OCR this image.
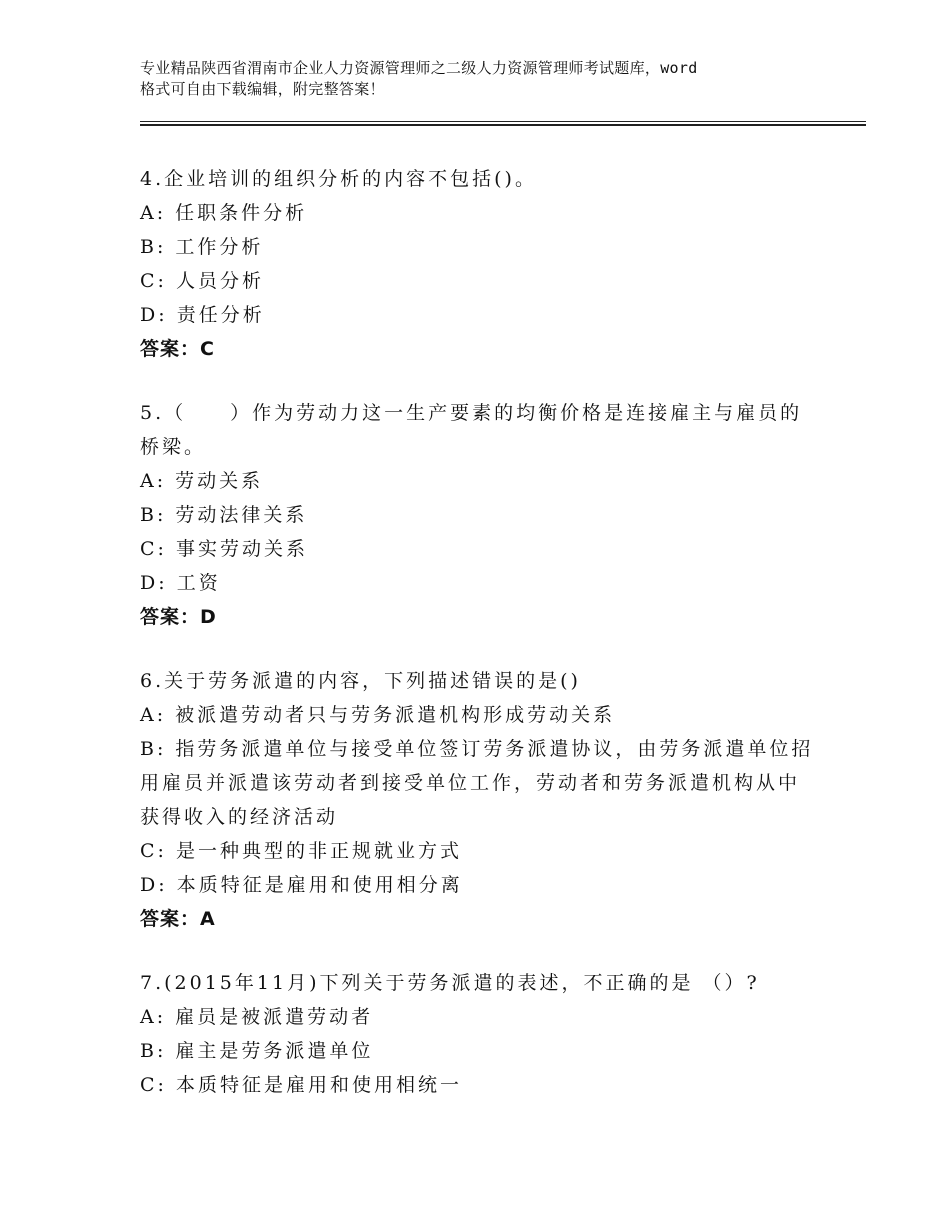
专业精品陕西省渭南市企业人力资源管理师之二级人力资源管理师考试题库，word
格式可自由下载编辑，附完整答案！

4.企业培训的组织分析的内容不包括()。

A: 任职条件分析

B: 工作分析

C: 人员分析

D: 责任分析

答案：C

5.（　　）作为劳动力这一生产要素的均衡价格是连接雇主与雇员的桥梁。

A: 劳动关系

B: 劳动法律关系

C: 事实劳动关系

D: 工资

答案：D

6.关于劳务派遣的内容，下列描述错误的是()

A: 被派遣劳动者只与劳务派遣机构形成劳动关系

B: 指劳务派遣单位与接受单位签订劳务派遣协议，由劳务派遣单位招用雇员并派遣该劳动者到接受单位工作，劳动者和劳务派遣机构从中获得收入的经济活动

C: 是一种典型的非正规就业方式

D: 本质特征是雇用和使用相分离

答案：A

7.(2015年11月)下列关于劳务派遣的表述，不正确的是 （）?

A: 雇员是被派遣劳动者

B: 雇主是劳务派遣单位

C: 本质特征是雇用和使用相统一
